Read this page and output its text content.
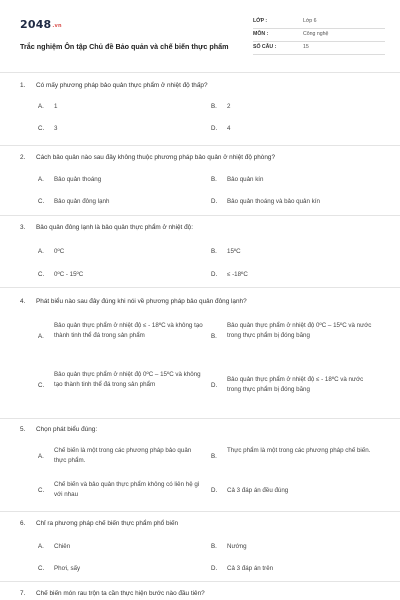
2048.vn
Trắc nghiệm Ôn tập Chủ đề Bảo quản và chế biến thực phẩm
LỚP :	Lớp 6
MÔN :	Công nghệ
SỐ CÂU :	15
1. Có mấy phương pháp bảo quản thực phẩm ở nhiệt độ thấp?
A. 1	B. 2
C. 3	D. 4
2. Cách bảo quản nào sau đây không thuộc phương pháp bảo quản ở nhiệt độ phòng?
A. Bảo quản thoáng	B. Bảo quản kín
C. Bảo quản đông lạnh	D. Bảo quản thoáng và bảo quản kín
3. Bảo quản đông lạnh là bảo quản thực phẩm ở nhiệt độ:
A. 0ºC	B. 15ºC
C. 0ºC - 15ºC	D. ≤ -18ºC
4. Phát biểu nào sau đây đúng khi nói về phương pháp bảo quản đông lạnh?
A.
Bảo quản thực phẩm ở nhiệt độ ≤ - 18ºC và không tạo thành tinh thể đá trong sản phẩm	B.
Bảo quản thực phẩm ở nhiệt độ 0ºC – 15ºC và nước trong thực phẩm bị đóng băng
C.
Bảo quản thực phẩm ở nhiệt độ 0ºC – 15ºC và không tạo thành tinh thể đá trong sản phẩm	D.
Bảo quản thực phẩm ở nhiệt độ ≤ - 18ºC và nước trong thực phẩm bị đóng băng
5. Chọn phát biểu đúng:
A.
Chế biến là một trong các phương pháp bảo quản thực phẩm.
B.
Thực phẩm là một trong các phương pháp chế biến.
C.
Chế biến và bảo quản thực phẩm không có liên hệ gì với nhau
D. Cả 3 đáp án đều đúng
6. Chỉ ra phương pháp chế biến thực phẩm phổ biến
A. Chiên	B. Nướng
C. Phơi, sấy	D. Cả 3 đáp án trên
7. Chế biến món rau trộn ta cần thực hiện bước nào đầu tiên?
